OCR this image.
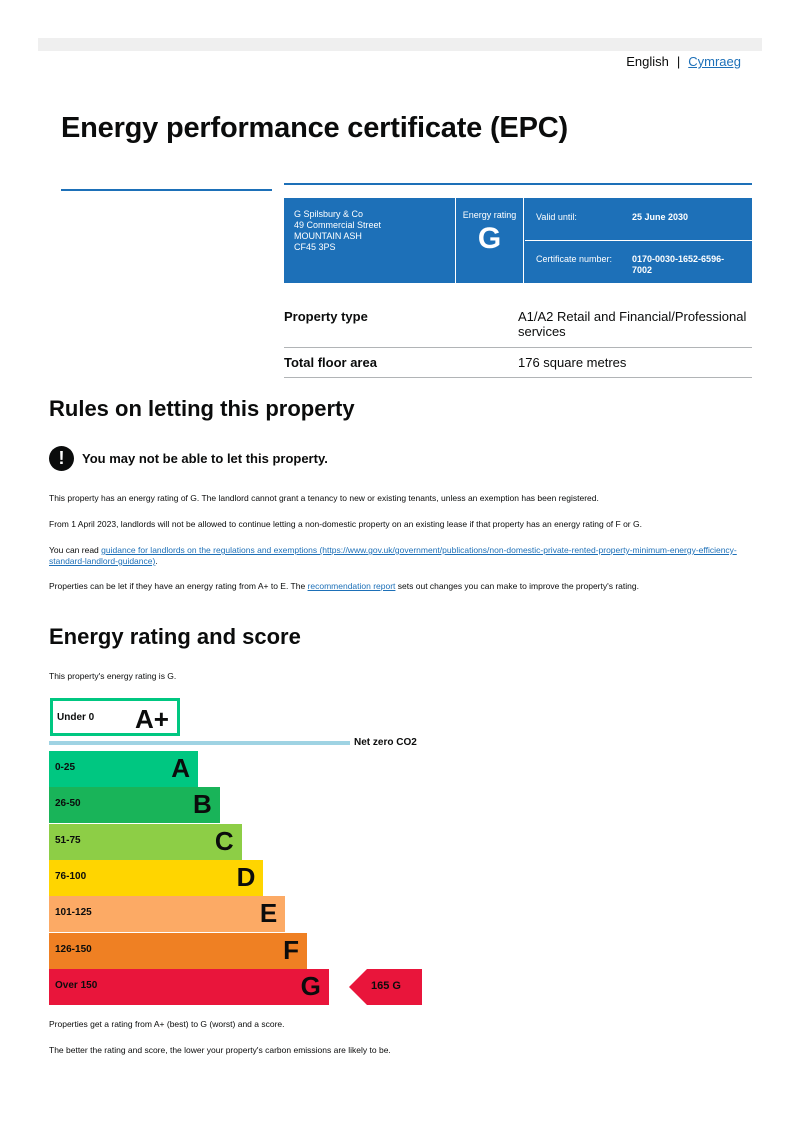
English | Cymraeg
Energy performance certificate (EPC)
G Spilsbury & Co
49 Commercial Street
MOUNTAIN ASH
CF45 3PS
Energy rating
G
Valid until:	25 June 2030
Certificate number:	0170-0030-1652-6596-7002
Property type	A1/A2 Retail and Financial/Professional services
Total floor area	176 square metres
Rules on letting this property
!	You may not be able to let this property.
This property has an energy rating of G. The landlord cannot grant a tenancy to new or existing tenants, unless an exemption has been registered.
From 1 April 2023, landlords will not be allowed to continue letting a non-domestic property on an existing lease if that property has an energy rating of F or G.
You can read guidance for landlords on the regulations and exemptions (https://www.gov.uk/government/publications/non-domestic-private-rented-property-minimum-energy-efficiency-standard-landlord-guidance).
Properties can be let if they have an energy rating from A+ to E. The recommendation report sets out changes you can make to improve the property's rating.
Energy rating and score
This property's energy rating is G.
Under 0 A+
Net zero CO2
0-25	A
26-50	B
51-75	C
76-100	D
101-125	E
126-150	F
Over 150	G	165 G
Properties get a rating from A+ (best) to G (worst) and a score.
The better the rating and score, the lower your property's carbon emissions are likely to be.
